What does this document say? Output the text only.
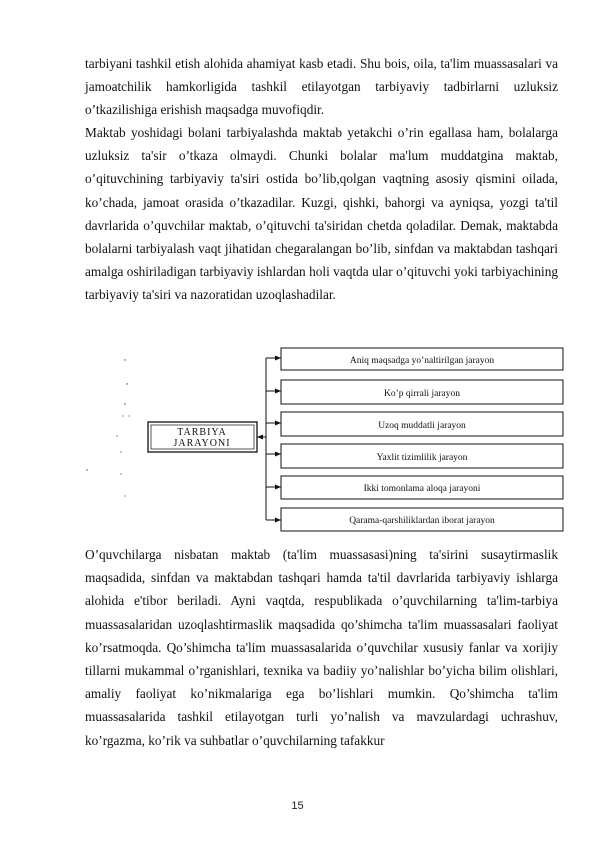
tarbiyani tashkil etish alohida ahamiyat kasb etadi. Shu bois, oila, ta'lim muassasalari va jamoatchilik hamkorligida tashkil etilayotgan tarbiyaviy tadbirlarni uzluksiz o’tkazilishiga erishish maqsadga muvofiqdir.

Maktab yoshidagi bolani tarbiyalashda maktab yetakchi o’rin egallasa ham, bolalarga uzluksiz ta'sir o’tkaza olmaydi. Chunki bolalar ma'lum muddatgina maktab, o’qituvchining tarbiyaviy ta'siri ostida bo’lib,qolgan vaqtning asosiy qismini oilada, ko’chada, jamoat orasida o’tkazadilar. Kuzgi, qishki, bahorgi va ayniqsa, yozgi ta'til davrlarida o’quvchilar maktab, o’qituvchi ta'siridan chetda qoladilar. Demak, maktabda bolalarni tarbiyalash vaqt jihatidan chegaralangan bo’lib, sinfdan va maktabdan tashqari amalga oshiriladigan tarbiyaviy ishlardan holi vaqtda ular o’qituvchi yoki tarbiyachining tarbiyaviy ta'siri va nazoratidan uzoqlashadilar.

TARBIYA
JARAYONI
Aniq maqsadga yo’naltirilgan jarayon
Ko’p qirrali jarayon
Uzoq muddatli jarayon
Yaxlit tizimlilik jarayon
Ikki tomonlama aloqa jarayoni
Qarama-qarshiliklardan iborat jarayon

O’quvchilarga nisbatan maktab (ta'lim muassasasi)ning ta'sirini susaytirmaslik maqsadida, sinfdan va maktabdan tashqari hamda ta'til davrlarida tarbiyaviy ishlarga alohida e'tibor beriladi. Ayni vaqtda, respublikada o’quvchilarning ta'lim-tarbiya muassasalaridan uzoqlashtirmaslik maqsadida qo’shimcha ta'lim muassasalari faoliyat ko’rsatmoqda. Qo’shimcha ta'lim muassasalarida o’quvchilar xususiy fanlar va xorijiy tillarni mukammal o’rganishlari, texnika va badiiy yo’nalishlar bo’yicha bilim olishlari, amaliy faoliyat ko’nikmalariga ega bo’lishlari mumkin. Qo’shimcha ta'lim muassasalarida tashkil etilayotgan turli yo’nalish va mavzulardagi uchrashuv, ko’rgazma, ko’rik va suhbatlar o’quvchilarning tafakkur

15
